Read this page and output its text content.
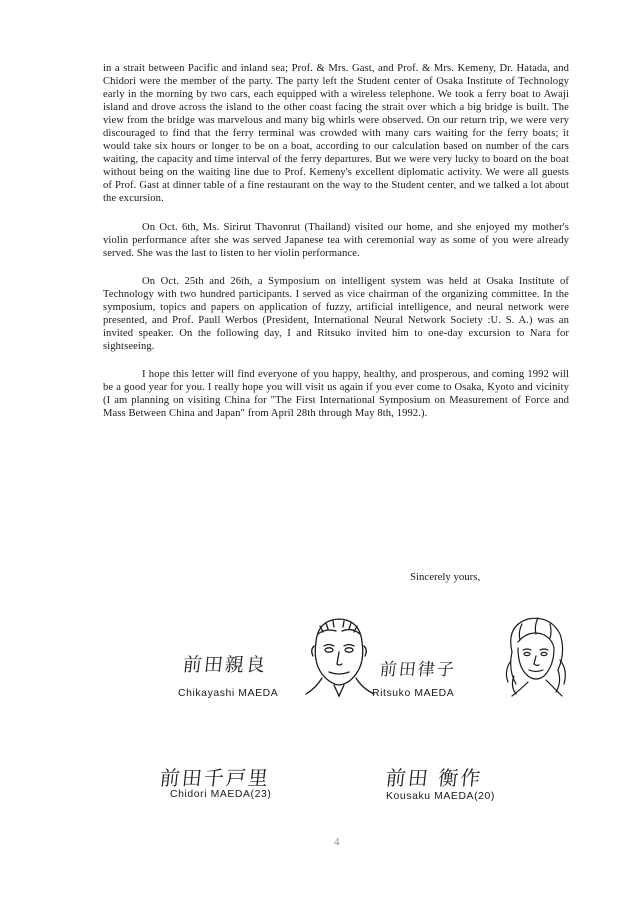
in a strait between Pacific and inland sea; Prof. & Mrs. Gast, and Prof. & Mrs. Kemeny, Dr. Hatada, and Chidori were the member of the party. The party left the Student center of Osaka Institute of Technology early in the morning by two cars, each equipped with a wireless telephone. We took a ferry boat to Awaji island and drove across the island to the other coast facing the strait over which a big bridge is built. The view from the bridge was marvelous and many big whirls were observed. On our return trip, we were very discouraged to find that the ferry terminal was crowded with many cars waiting for the ferry boats; it would take six hours or longer to be on a boat, according to our calculation based on number of the cars waiting, the capacity and time interval of the ferry departures. But we were very lucky to board on the boat without being on the waiting line due to Prof. Kemeny's excellent diplomatic activity. We were all guests of Prof. Gast at dinner table of a fine restaurant on the way to the Student center, and we talked a lot about the excursion.

On Oct. 6th, Ms. Sirirut Thavonrut (Thailand) visited our home, and she enjoyed my mother's violin performance after she was served Japanese tea with ceremonial way as some of you were already served. She was the last to listen to her violin performance.

On Oct. 25th and 26th, a Symposium on intelligent system was held at Osaka Institute of Technology with two hundred participants. I served as vice chairman of the organizing committee. In the symposium, topics and papers on application of fuzzy, artificial intelligence, and neural network were presented, and Prof. Paull Werbos (President, International Neural Network Society :U. S. A.) was an invited speaker. On the following day, I and Ritsuko invited him to one-day excursion to Nara for sightseeing.

I hope this letter will find everyone of you happy, healthy, and prosperous, and coming 1992 will be a good year for you. I really hope you will visit us again if you ever come to Osaka, Kyoto and vicinity (I am planning on visiting China for "The First International Symposium on Measurement of Force and Mass Between China and Japan" from April 28th through May 8th, 1992.).

Sincerely yours,
前田親良
Chikayashi MAEDA
前田律子
Ritsuko MAEDA
前田千戸里
Chidori MAEDA(23)
前田 衡作
Kousaku MAEDA(20)
4
